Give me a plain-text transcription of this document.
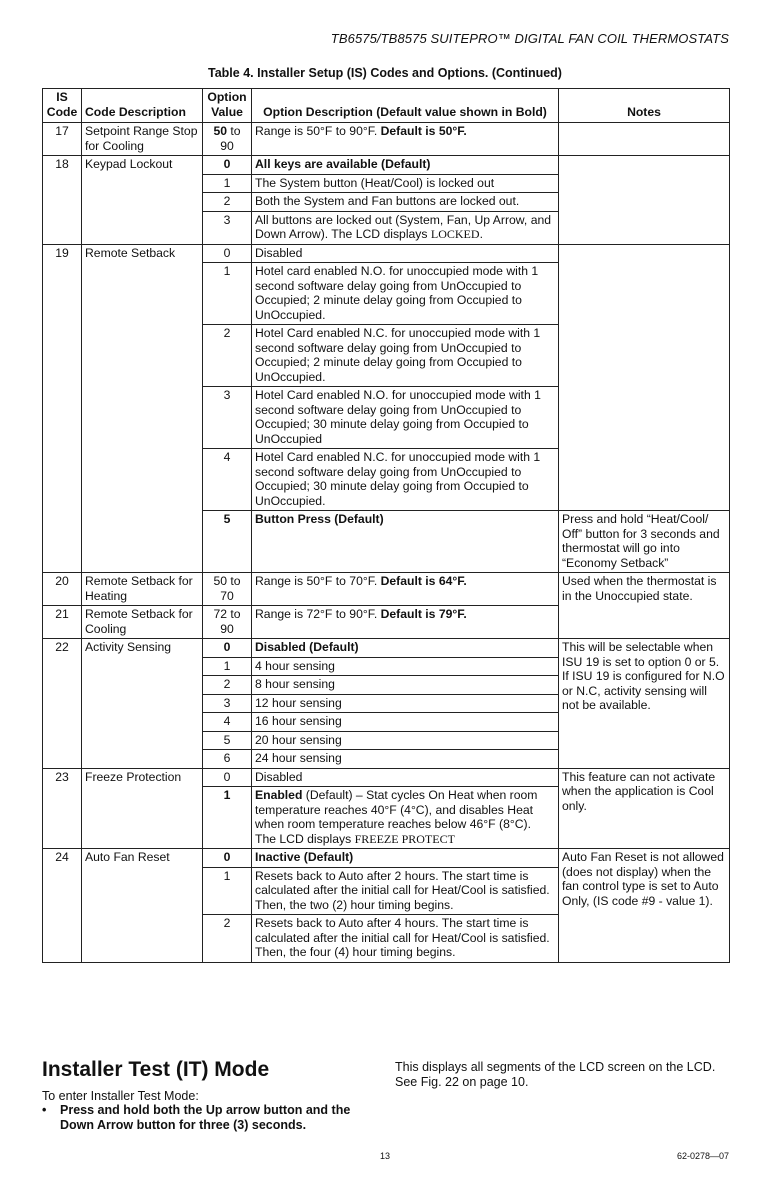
TB6575/TB8575 SUITEPRO™ DIGITAL FAN COIL THERMOSTATS
Table 4. Installer Setup (IS) Codes and Options. (Continued)
IS Code	Code Description	Option Value	Option Description (Default value shown in Bold)	Notes
17	Setpoint Range Stop for Cooling	50 to 90	Range is 50°F to 90°F. Default is 50°F.	
18	Keypad Lockout	0	All keys are available (Default)	
		1	The System button (Heat/Cool) is locked out	
		2	Both the System and Fan buttons are locked out.	
		3	All buttons are locked out (System, Fan, Up Arrow, and Down Arrow). The LCD displays LOCKED.	
19	Remote Setback	0	Disabled	
		1	Hotel card enabled N.O. for unoccupied mode with 1 second software delay going from UnOccupied to Occupied; 2 minute delay going from Occupied to UnOccupied.	
		2	Hotel Card enabled N.C. for unoccupied mode with 1 second software delay going from UnOccupied to Occupied; 2 minute delay going from Occupied to UnOccupied.	
		3	Hotel Card enabled N.O. for unoccupied mode with 1 second software delay going from UnOccupied to Occupied; 30 minute delay going from Occupied to UnOccupied	
		4	Hotel Card enabled N.C. for unoccupied mode with 1 second software delay going from UnOccupied to Occupied; 30 minute delay going from Occupied to UnOccupied.	
		5	Button Press (Default)	Press and hold “Heat/Cool/ Off” button for 3 seconds and thermostat will go into “Economy Setback”
20	Remote Setback for Heating	50 to 70	Range is 50°F to 70°F. Default is 64°F.	Used when the thermostat is in the Unoccupied state.
21	Remote Setback for Cooling	72 to 90	Range is 72°F to 90°F. Default is 79°F.	
22	Activity Sensing	0	Disabled (Default)	This will be selectable when ISU 19 is set to option 0 or 5. If ISU 19 is configured for N.O or N.C, activity sensing will not be available.
		1	4 hour sensing	
		2	8 hour sensing	
		3	12 hour sensing	
		4	16 hour sensing	
		5	20 hour sensing	
		6	24 hour sensing	
23	Freeze Protection	0	Disabled	This feature can not activate when the application is Cool only.
		1	Enabled (Default) – Stat cycles On Heat when room temperature reaches 40°F (4°C), and disables Heat when room temperature reaches below 46°F (8°C). The LCD displays FREEZE PROTECT	
24	Auto Fan Reset	0	Inactive (Default)	Auto Fan Reset is not allowed (does not display) when the fan control type is set to Auto Only, (IS code #9 - value 1).
		1	Resets back to Auto after 2 hours. The start time is calculated after the initial call for Heat/Cool is satisfied. Then, the two (2) hour timing begins.	
		2	Resets back to Auto after 4 hours. The start time is calculated after the initial call for Heat/Cool is satisfied. Then, the four (4) hour timing begins.	
Installer Test (IT) Mode
To enter Installer Test Mode:
•	Press and hold both the Up arrow button and the Down Arrow button for three (3) seconds.
This displays all segments of the LCD screen on the LCD. See Fig. 22 on page 10.
13	62-0278—07
